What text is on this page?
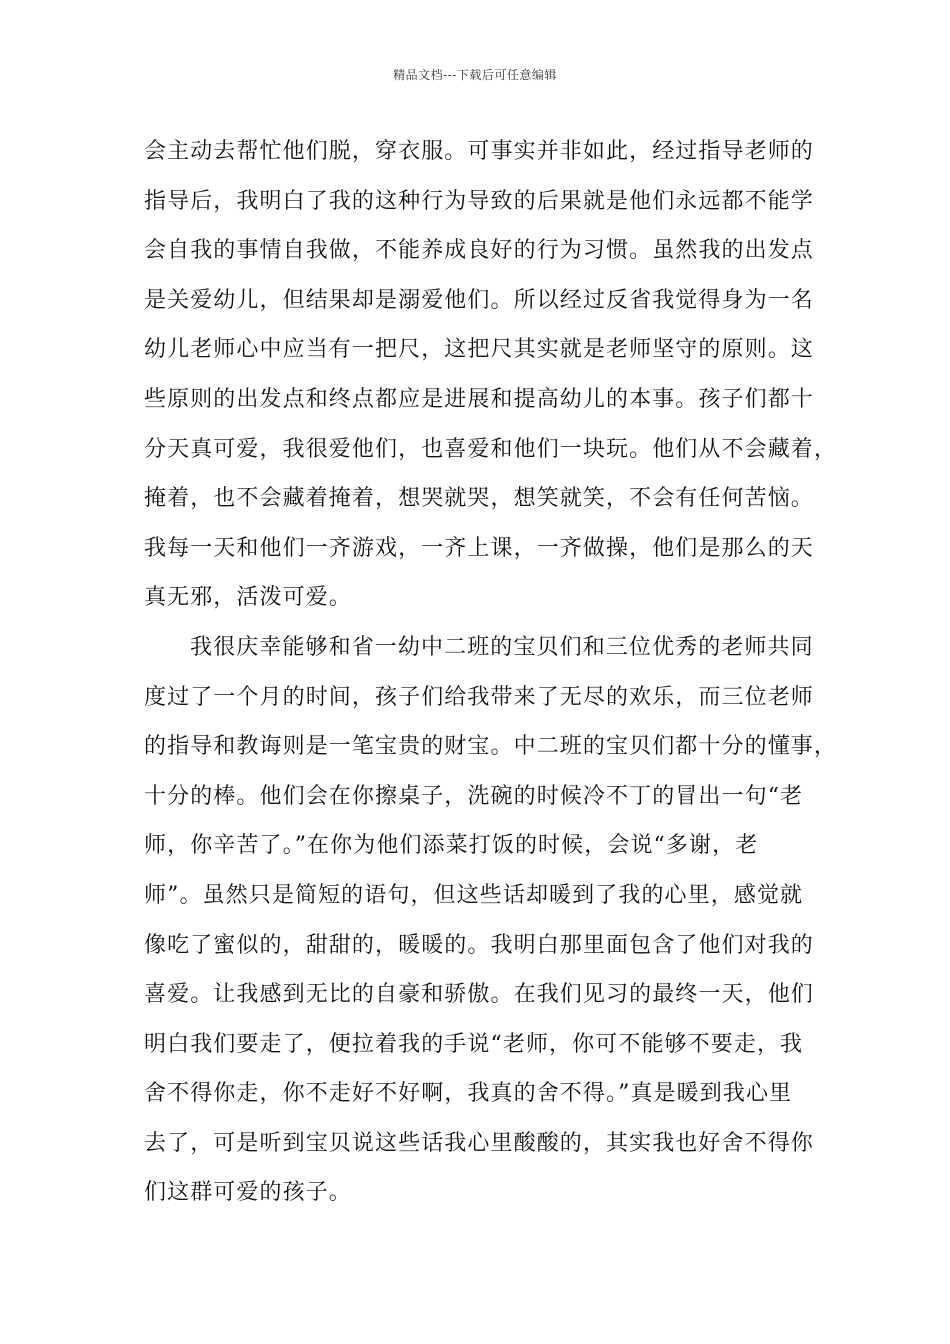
精品文档---下载后可任意编辑
会主动去帮忙他们脱，穿衣服。可事实并非如此，经过指导老师的
指导后，我明白了我的这种行为导致的后果就是他们永远都不能学
会自我的事情自我做，不能养成良好的行为习惯。虽然我的出发点
是关爱幼儿，但结果却是溺爱他们。所以经过反省我觉得身为一名
幼儿老师心中应当有一把尺，这把尺其实就是老师坚守的原则。这
些原则的出发点和终点都应是进展和提高幼儿的本事。孩子们都十
分天真可爱，我很爱他们，也喜爱和他们一块玩。他们从不会藏着，
掩着，也不会藏着掩着，想哭就哭，想笑就笑，不会有任何苦恼。
我每一天和他们一齐游戏，一齐上课，一齐做操，他们是那么的天
真无邪，活泼可爱。
我很庆幸能够和省一幼中二班的宝贝们和三位优秀的老师共同
度过了一个月的时间，孩子们给我带来了无尽的欢乐，而三位老师
的指导和教诲则是一笔宝贵的财宝。中二班的宝贝们都十分的懂事，
十分的棒。他们会在你擦桌子，洗碗的时候冷不丁的冒出一句“老
师，你辛苦了。”在你为他们添菜打饭的时候，会说“多谢，老
师”。虽然只是简短的语句，但这些话却暖到了我的心里，感觉就
像吃了蜜似的，甜甜的，暖暖的。我明白那里面包含了他们对我的
喜爱。让我感到无比的自豪和骄傲。在我们见习的最终一天，他们
明白我们要走了，便拉着我的手说“老师，你可不能够不要走，我
舍不得你走，你不走好不好啊，我真的舍不得。”真是暖到我心里
去了，可是听到宝贝说这些话我心里酸酸的，其实我也好舍不得你
们这群可爱的孩子。
